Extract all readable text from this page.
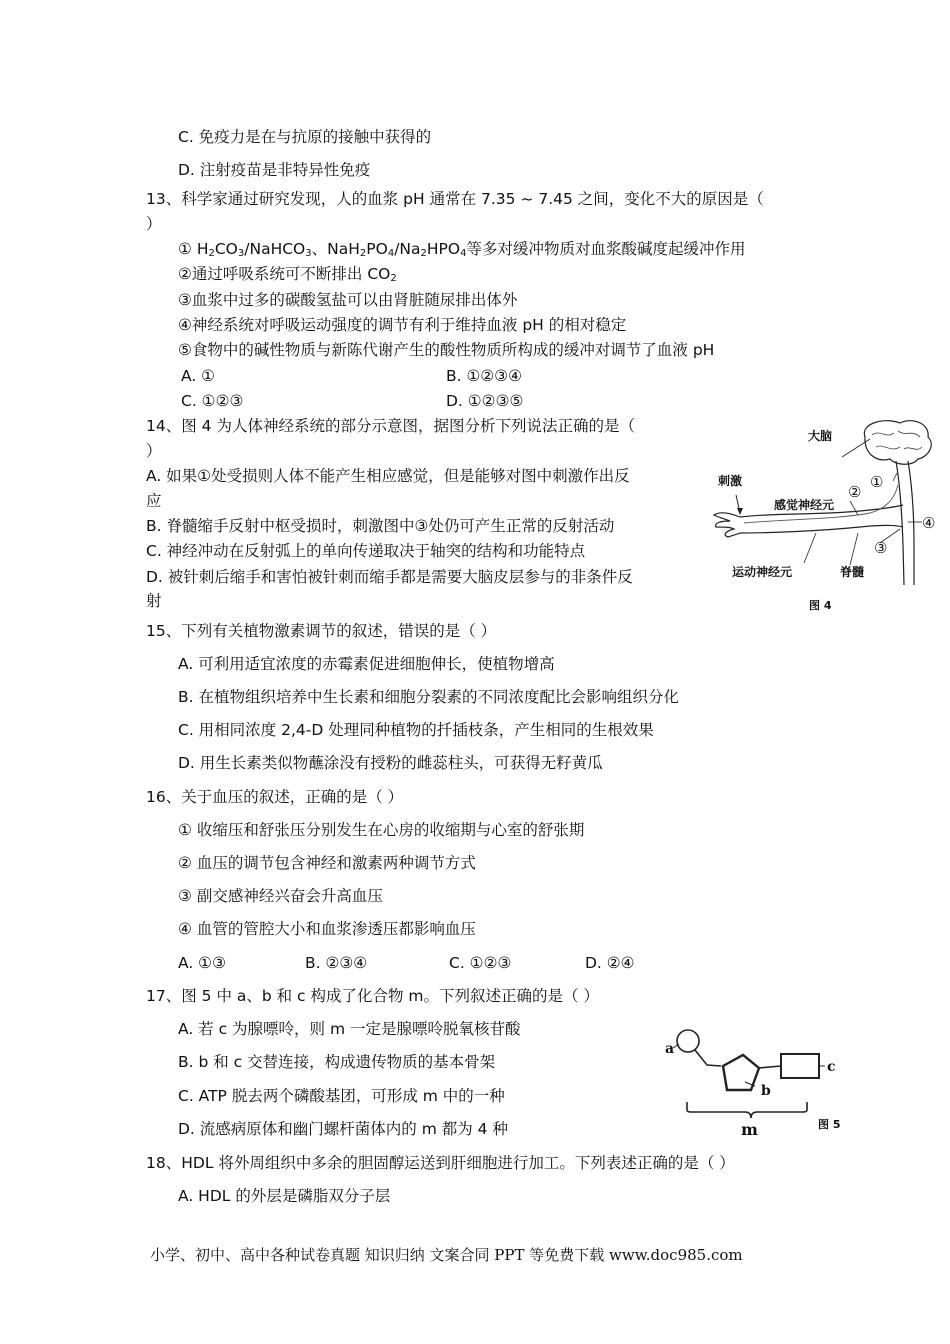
C. 免疫力是在与抗原的接触中获得的
D. 注射疫苗是非特异性免疫
13、科学家通过研究发现，人的血浆 pH 通常在 7.35 ~ 7.45 之间，变化不大的原因是（
）
① $H_2CO_3/NaHCO_3$、$NaH_2PO_4/Na_2HPO_4$等多对缓冲物质对血浆酸碱度起缓冲作用
②通过呼吸系统可不断排出 $CO_2$
③血浆中过多的碳酸氢盐可以由肾脏随尿排出体外
④神经系统对呼吸运动强度的调节有利于维持血液 pH 的相对稳定
⑤食物中的碱性物质与新陈代谢产生的酸性物质所构成的缓冲对调节了血液 pH
A. ①	B. ①②③④
C. ①②③	D. ①②③⑤
14、图 4 为人体神经系统的部分示意图，据图分析下列说法正确的是（
）
A. 如果①处受损则人体不能产生相应感觉，但是能够对图中刺激作出反
应
B. 脊髓缩手反射中枢受损时，刺激图中③处仍可产生正常的反射活动
C. 神经冲动在反射弧上的单向传递取决于轴突的结构和功能特点
D. 被针刺后缩手和害怕被针刺而缩手都是需要大脑皮层参与的非条件反
射
15、下列有关植物激素调节的叙述，错误的是（ ）
A. 可利用适宜浓度的赤霉素促进细胞伸长，使植物增高
B. 在植物组织培养中生长素和细胞分裂素的不同浓度配比会影响组织分化
C. 用相同浓度 2,4-D 处理同种植物的扦插枝条，产生相同的生根效果
D. 用生长素类似物蘸涂没有授粉的雌蕊柱头，可获得无籽黄瓜
16、关于血压的叙述，正确的是（ ）
① 收缩压和舒张压分别发生在心房的收缩期与心室的舒张期
② 血压的调节包含神经和激素两种调节方式
③ 副交感神经兴奋会升高血压
④ 血管的管腔大小和血浆渗透压都影响血压
A. ①③	B. ②③④	C. ①②③	D. ②④
17、图 5 中 a、b 和 c 构成了化合物 m。下列叙述正确的是（ ）
A. 若 c 为腺嘌呤，则 m 一定是腺嘌呤脱氧核苷酸
B. b 和 c 交替连接，构成遗传物质的基本骨架
C. ATP 脱去两个磷酸基团，可形成 m 中的一种
D. 流感病原体和幽门螺杆菌体内的 m 都为 4 种
18、HDL 将外周组织中多余的胆固醇运送到肝细胞进行加工。下列表述正确的是（ ）
A. HDL 的外层是磷脂双分子层
大脑
刺激
感觉神经元
运动神经元	脊髓
①
②
③
④
图 4
a
b
c
m	图 5
小学、初中、高中各种试卷真题 知识归纳 文案合同 PPT 等免费下载 www.doc985.com
